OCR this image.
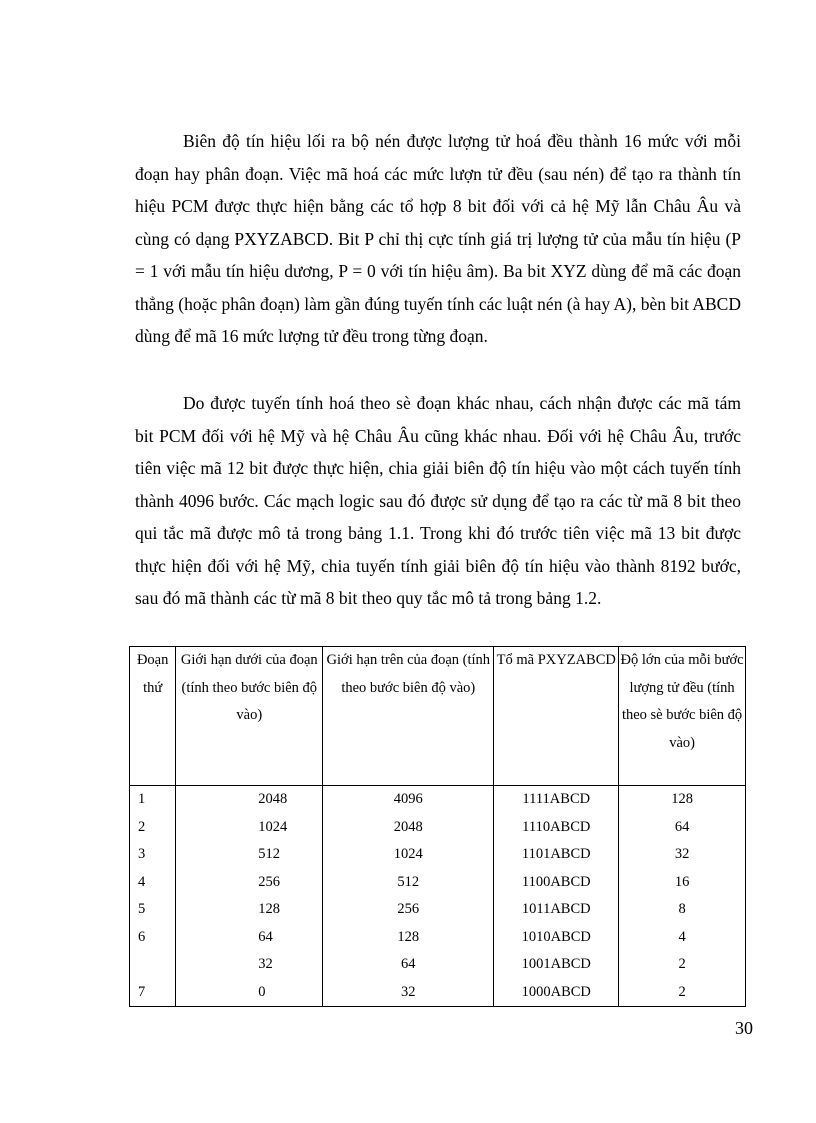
Biên độ tín hiệu lối ra bộ nén được lượng tử hoá đều thành 16 mức với mỗi đoạn hay phân đoạn. Việc mã hoá các mức lượn tử đều (sau nén) để tạo ra thành tín hiệu PCM được thực hiện bằng các tổ hợp 8 bit đối với cả hệ Mỹ lẫn Châu Âu và cùng có dạng PXYZABCD. Bit P chỉ thị cực tính giá trị lượng tử của mẫu tín hiệu (P = 1 với mẫu tín hiệu dương, P = 0 với tín hiệu âm). Ba bit XYZ dùng để mã các đoạn thẳng (hoặc phân đoạn) làm gần đúng tuyến tính các luật nén (à hay A), bèn bit ABCD dùng để mã 16 mức lượng tử đều trong từng đoạn.

Do được tuyến tính hoá theo sè đoạn khác nhau, cách nhận được các mã tám bit PCM đối với hệ Mỹ và hệ Châu Âu cũng khác nhau. Đối với hệ Châu Âu, trước tiên việc mã 12 bit được thực hiện, chia giải biên độ tín hiệu vào một cách tuyến tính thành 4096 bước. Các mạch logic sau đó được sử dụng để tạo ra các từ mã 8 bit theo qui tắc mã được mô tả trong bảng 1.1. Trong khi đó trước tiên việc mã 13 bit được thực hiện đối với hệ Mỹ, chia tuyến tính giải biên độ tín hiệu vào thành 8192 bước, sau đó mã thành các từ mã 8 bit theo quy tắc mô tả trong bảng 1.2.

Đoạn thứ	Giới hạn dưới của đoạn (tính theo bước biên độ vào)	Giới hạn trên của đoạn (tính theo bước biên độ vào)	Tổ mã PXYZABCD	Độ lớn của mỗi bước lượng tử đều (tính theo sè bước biên độ vào)
1	2048	4096	1111ABCD	128
2	1024	2048	1110ABCD	64
3	512	1024	1101ABCD	32
4	256	512	1100ABCD	16
5	128	256	1011ABCD	8
6	64	128	1010ABCD	4
	32	64	1001ABCD	2
7	0	32	1000ABCD	2
30
